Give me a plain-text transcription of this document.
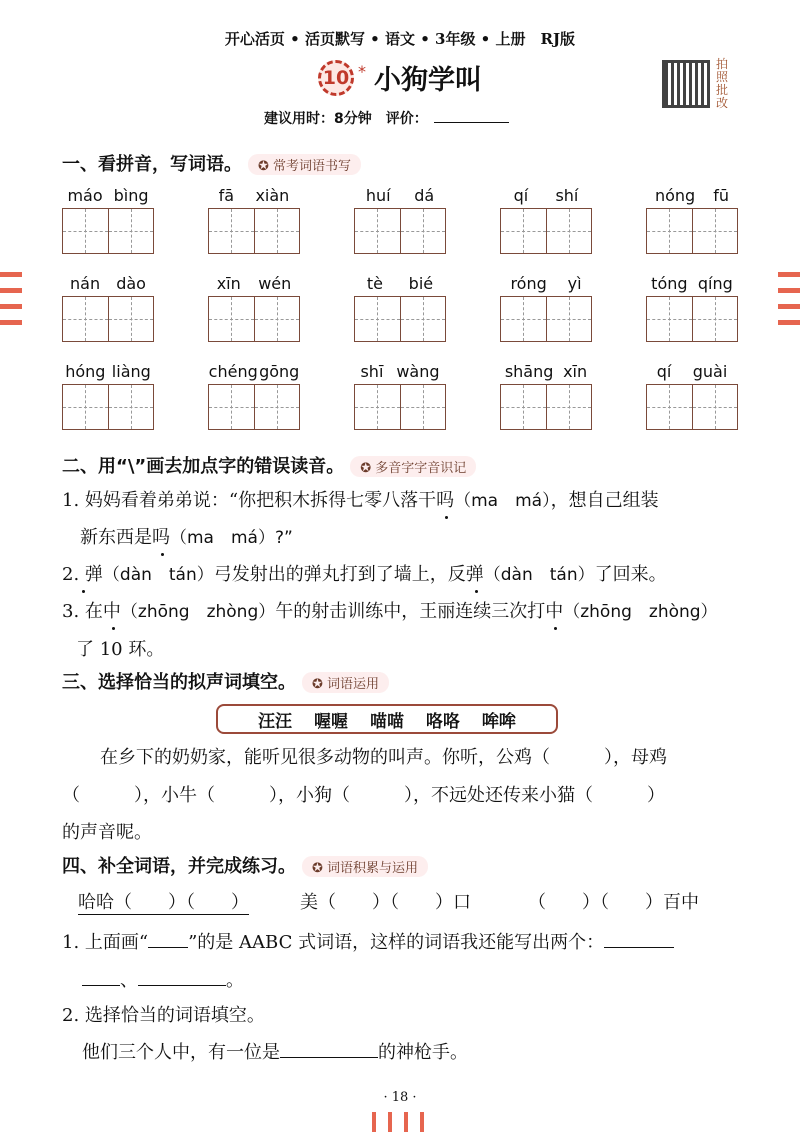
开心活页 • 活页默写 • 语文 • 3年级 • 上册　RJ版
10 * 小狗学叫
建议用时：8分钟　评价：
拍照批改
一、看拼音，写词语。 ✪ 常考词语书写
máo bìng	fā xiàn	huí dá	qí shí	nóng fū
nán dào	xīn wén	tè bié	róng yì	tóng qíng
hóng liàng	chéng gōng	shī wàng	shāng xīn	qí guài
二、用“\”画去加点字的错误读音。 ✪ 多音字字音识记
1. 妈妈看着弟弟说：“你把积木拆得七零八落干吗（ma　má），想自己组装
新东西是吗（ma　má）?”
2. 弹（dàn　tán）弓发射出的弹丸打到了墙上，反弹（dàn　tán）了回来。
3. 在中（zhōng　zhòng）午的射击训练中，王丽连续三次打中（zhōng　zhòng）
了 10 环。
三、选择恰当的拟声词填空。 ✪ 词语运用
汪汪 喔喔 喵喵 咯咯 哞哞
在乡下的奶奶家，能听见很多动物的叫声。你听，公鸡（　　　），母鸡
（　　　），小牛（　　　），小狗（　　　），不远处还传来小猫（　　　）
的声音呢。
四、补全词语，并完成练习。 ✪ 词语积累与运用
哈哈（　　）（　　）	美（　　）（　　）口	（　　）（　　）百中
1. 上面画“ ”的是 AABC 式词语，这样的词语我还能写出两个：
、	。
2. 选择恰当的词语填空。
他们三个人中，有一位是	的神枪手。
· 18 ·
